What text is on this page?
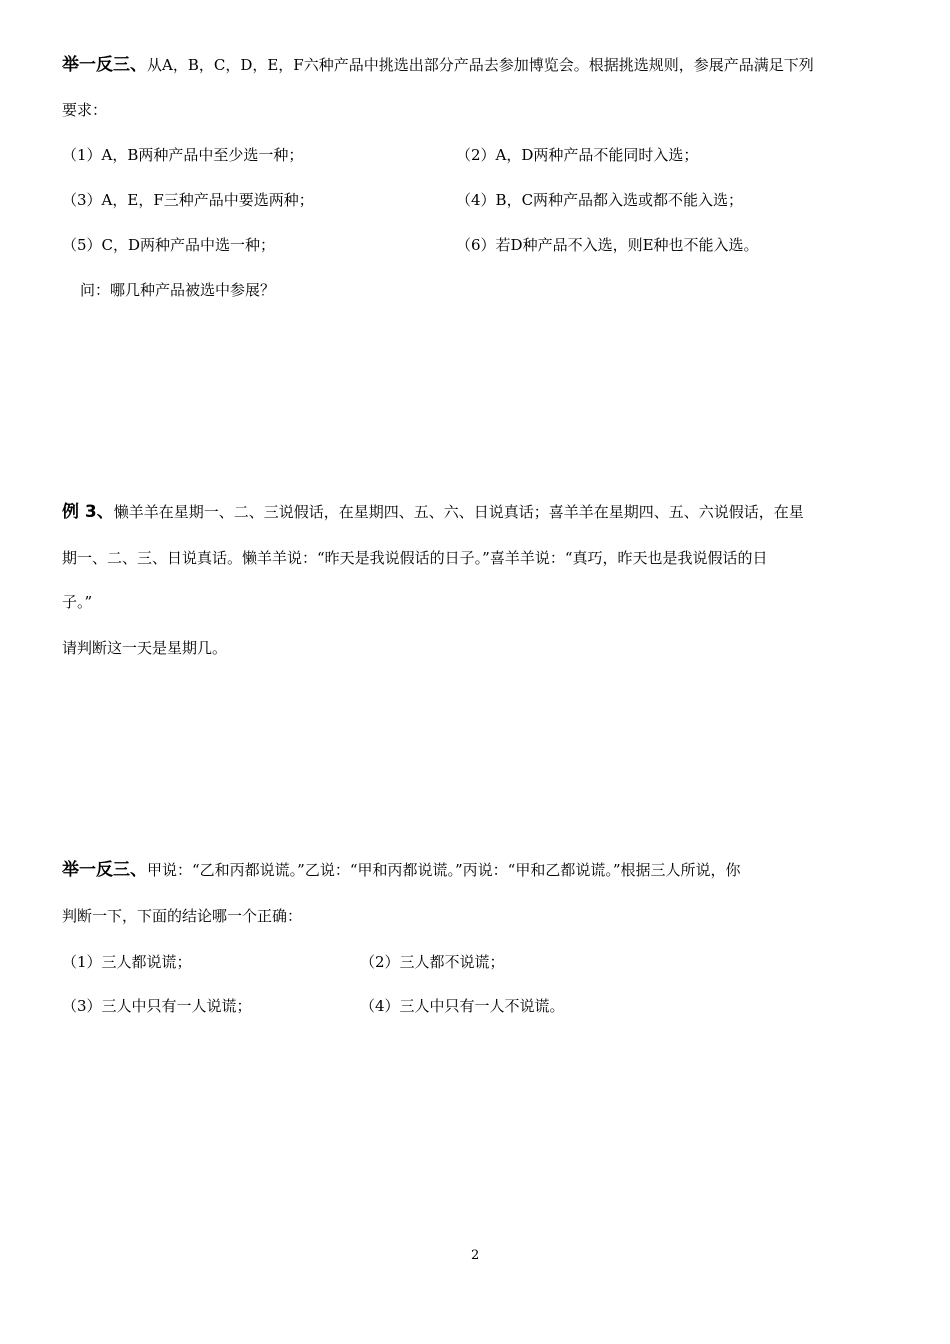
举一反三、从A，B，C，D，E，F六种产品中挑选出部分产品去参加博览会。根据挑选规则，参展产品满足下列
要求：
（1）A，B两种产品中至少选一种；	（2）A，D两种产品不能同时入选；
（3）A，E，F三种产品中要选两种；	（4）B，C两种产品都入选或都不能入选；
（5）C，D两种产品中选一种；	（6）若D种产品不入选，则E种也不能入选。
问：哪几种产品被选中参展？
例 3、懒羊羊在星期一、二、三说假话，在星期四、五、六、日说真话；喜羊羊在星期四、五、六说假话，在星
期一、二、三、日说真话。懒羊羊说：“昨天是我说假话的日子。”喜羊羊说：“真巧，昨天也是我说假话的日
子。”
请判断这一天是星期几。
举一反三、甲说：“乙和丙都说谎。”乙说：“甲和丙都说谎。”丙说：“甲和乙都说谎。”根据三人所说，你
判断一下，下面的结论哪一个正确：
（1）三人都说谎；	（2）三人都不说谎；
（3）三人中只有一人说谎；	（4）三人中只有一人不说谎。
2
